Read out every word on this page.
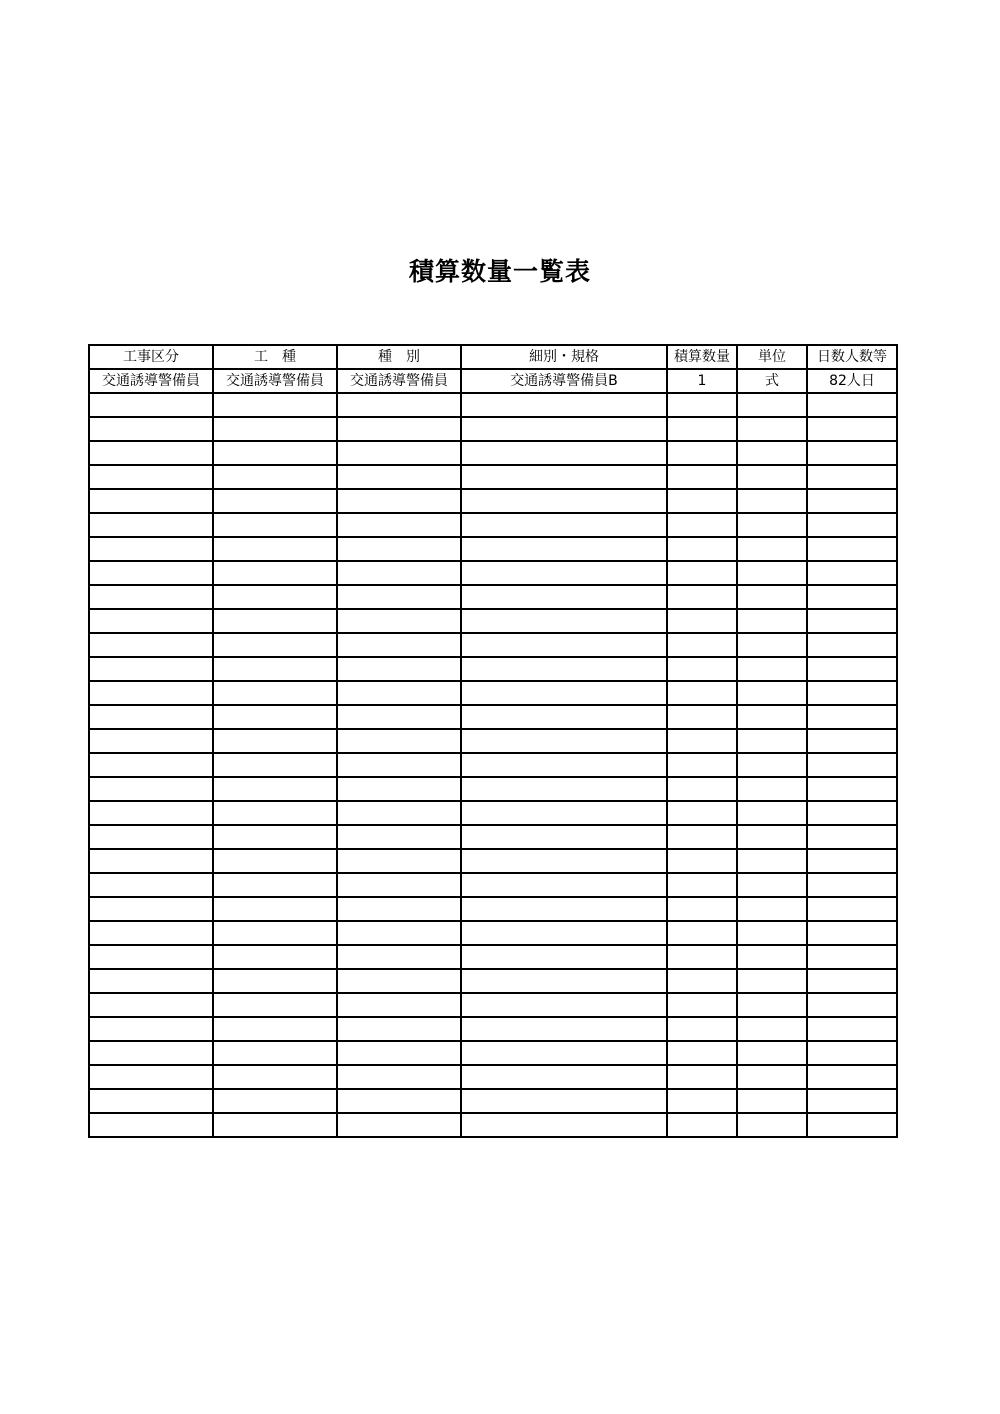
積算数量一覧表
工事区分	工　種	種　別	細別・規格	積算数量	単位	日数人数等
交通誘導警備員	交通誘導警備員	交通誘導警備員	交通誘導警備員B	1	式	82人日
